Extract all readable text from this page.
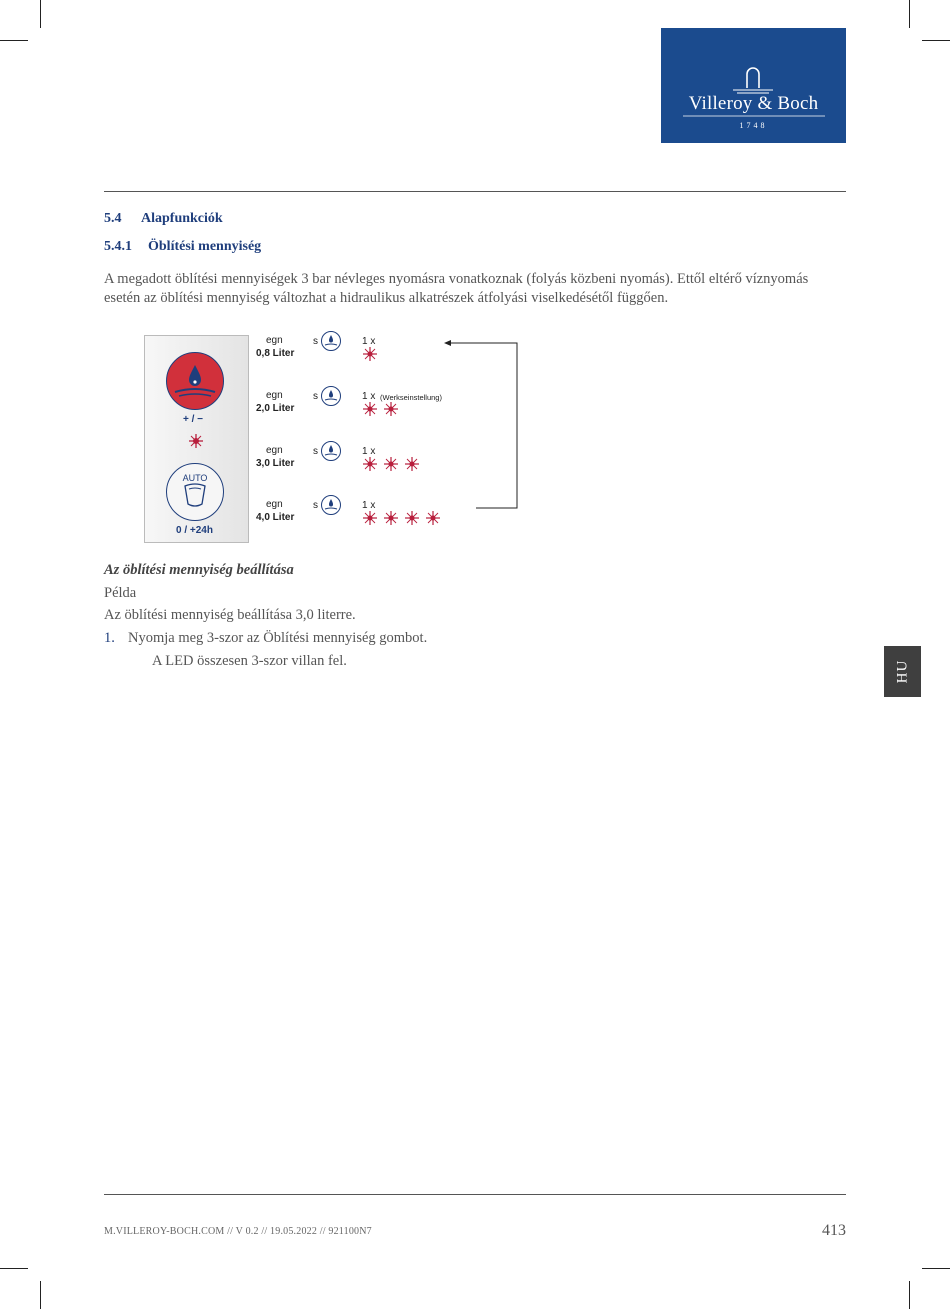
Villeroy & Boch
1748
5.4 Alapfunkciók
5.4.1 Öblítési mennyiség
A megadott öblítési mennyiségek 3 bar névleges nyomásra vonatkoznak (folyás közbeni nyomás). Ettől eltérő víznyomás esetén az öblítési mennyiség változhat a hidraulikus alkatrészek átfolyási viselkedésétől függően.
+ / −
AUTO
0 / +24h
egn
0,8 Liter
s	1 x
egn
2,0 Liter
s	1 x (Werkseinstellung)
egn
3,0 Liter
s	1 x
egn
4,0 Liter
s	1 x
Az öblítési mennyiség beállítása
Példa
Az öblítési mennyiség beállítása 3,0 literre.
1. Nyomja meg 3-szor az Öblítési mennyiség gombot.
A LED összesen 3-szor villan fel.	HU
M.VILLEROY-BOCH.COM // V 0.2 // 19.05.2022 // 921100N7	413
